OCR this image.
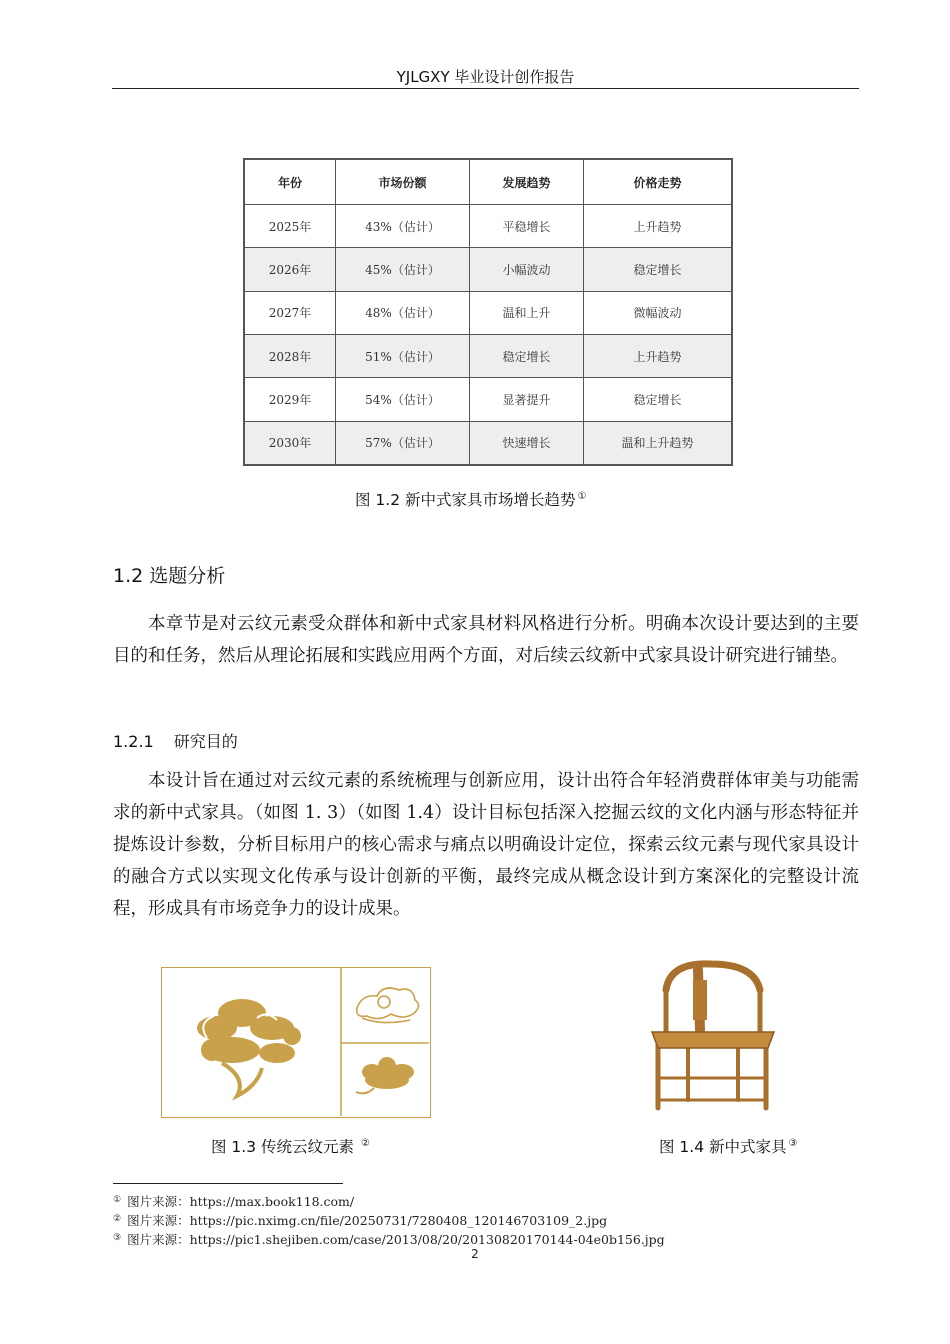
YJLGXY 毕业设计创作报告
年份	市场份额	发展趋势	价格走势
2025年	43%（估计）	平稳增长	上升趋势
2026年	45%（估计）	小幅波动	稳定增长
2027年	48%（估计）	温和上升	微幅波动
2028年	51%（估计）	稳定增长	上升趋势
2029年	54%（估计）	显著提升	稳定增长
2030年	57%（估计）	快速增长	温和上升趋势
图 1.2 新中式家具市场增长趋势 ①
1.2 选题分析
本章节是对云纹元素受众群体和新中式家具材料风格进行分析。明确本次设计要达到的主要目的和任务，然后从理论拓展和实践应用两个方面，对后续云纹新中式家具设计研究进行铺垫。
1.2.1 研究目的
本设计旨在通过对云纹元素的系统梳理与创新应用，设计出符合年轻消费群体审美与功能需求的新中式家具。（如图 1. 3）（如图 1.4）设计目标包括深入挖掘云纹的文化内涵与形态特征并提炼设计参数，分析目标用户的核心需求与痛点以明确设计定位，探索云纹元素与现代家具设计的融合方式以实现文化传承与设计创新的平衡，最终完成从概念设计到方案深化的完整设计流程，形成具有市场竞争力的设计成果。
图 1.3 传统云纹元素 ②	图 1.4 新中式家具 ③
① 图片来源：https://max.book118.com/
② 图片来源：https://pic.nximg.cn/file/20250731/7280408_120146703109_2.jpg
③ 图片来源：https://pic1.shejiben.com/case/2013/08/20/20130820170144-04e0b156.jpg
2
